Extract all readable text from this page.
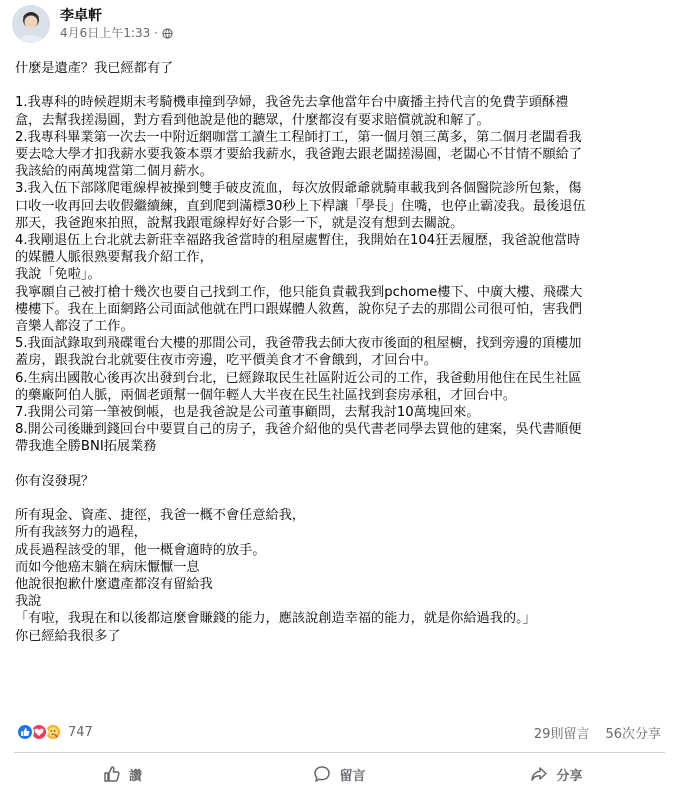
李卓軒
4月6日上午1:33 ·

什麼是遺產？我已經都有了

1.我專科的時候趕期末考騎機車撞到孕婦，我爸先去拿他當年台中廣播主持代言的免費芋頭酥禮

盒，去幫我搓湯圓，對方看到他說是他的聽眾，什麼都沒有要求賠償就說和解了。

2.我專科畢業第一次去一中附近網咖當工讀生工程師打工，第一個月領三萬多，第二個月老闆看我

要去唸大學才扣我薪水要我簽本票才要給我薪水，我爸跑去跟老闆搓湯圓，老闆心不甘情不願給了

我該給的兩萬塊當第二個月薪水。

3.我入伍下部隊爬電線桿被操到雙手破皮流血，每次放假爺爺就騎車載我到各個醫院診所包紮，傷

口收一收再回去收假繼續練，直到爬到滿標30秒上下桿讓「學長」住嘴，也停止霸凌我。最後退伍

那天，我爸跑來拍照，說幫我跟電線桿好好合影一下，就是沒有想到去關說。

4.我剛退伍上台北就去新莊幸福路我爸當時的租屋處暫住，我開始在104狂丟履歷，我爸說他當時

的媒體人脈很熟要幫我介紹工作，

我說「免啦」。

我寧願自己被打槍十幾次也要自己找到工作，他只能負責載我到pchome樓下、中廣大樓、飛碟大

樓樓下。我在上面網路公司面試他就在門口跟媒體人敘舊，說你兒子去的那間公司很可怕，害我們

音樂人都沒了工作。

5.我面試錄取到飛碟電台大樓的那間公司，我爸帶我去師大夜市後面的租屋櫥，找到旁邊的頂樓加

蓋房，跟我說台北就要住夜市旁邊，吃平價美食才不會餓到，才回台中。

6.生病出國散心後再次出發到台北，已經錄取民生社區附近公司的工作，我爸動用他住在民生社區

的藥廠阿伯人脈，兩個老頭幫一個年輕人大半夜在民生社區找到套房承租，才回台中。

7.我開公司第一筆被倒帳，也是我爸說是公司董事顧問，去幫我討10萬塊回來。

8.開公司後賺到錢回台中要買自己的房子，我爸介紹他的吳代書老同學去買他的建案，吳代書順便

帶我進全勝BNI拓展業務

你有沒發現？

所有現金、資產、捷徑，我爸一概不會任意給我，

所有我該努力的過程，

成長過程該受的罪，他一概會適時的放手。

而如今他癌末躺在病床懨懨一息

他說很抱歉什麼遺產都沒有留給我

我說

「有啦，我現在和以後都這麼會賺錢的能力，應該說創造幸福的能力，就是你給過我的。」

你已經給我很多了

747	29則留言 56次分享
讚	留言	分享
